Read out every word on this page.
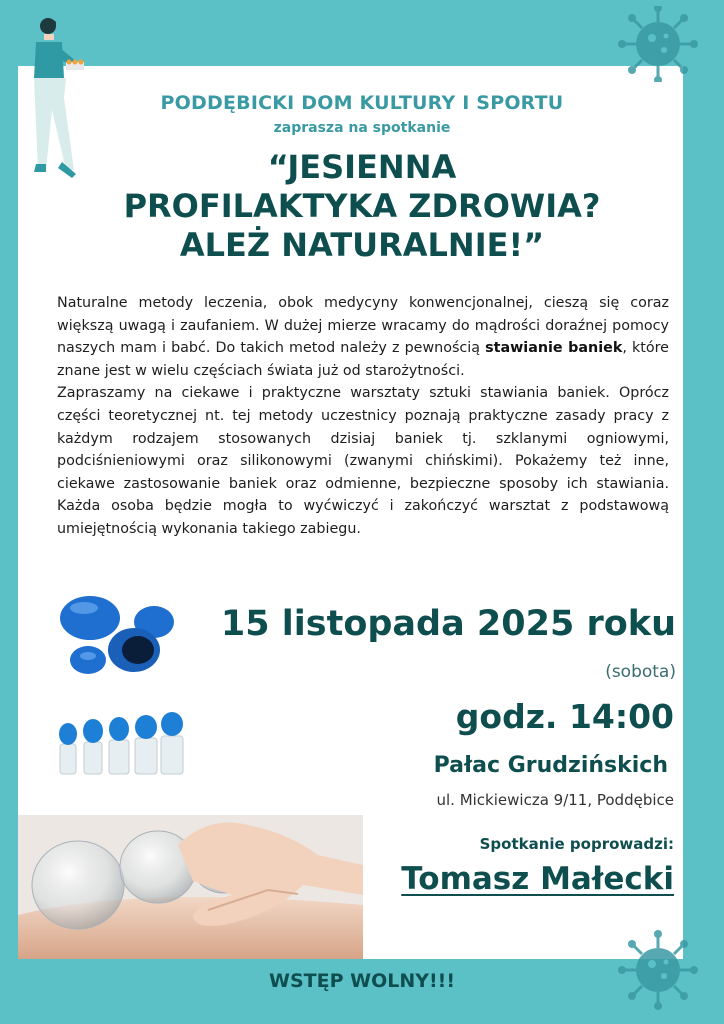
PODDĘBICKI DOM KULTURY I SPORTU
zaprasza na spotkanie
“JESIENNA
PROFILAKTYKA ZDROWIA?
ALEŻ NATURALNIE!”
Naturalne metody leczenia, obok medycyny konwencjonalnej, cieszą się coraz większą uwagą i zaufaniem. W dużej mierze wracamy do mądrości doraźnej pomocy naszych mam i babć. Do takich metod należy z pewnością stawianie baniek, które znane jest w wielu częściach świata już od starożytności.
Zapraszamy na ciekawe i praktyczne warsztaty sztuki stawiania baniek. Oprócz części teoretycznej nt. tej metody uczestnicy poznają praktyczne zasady pracy z każdym rodzajem stosowanych dzisiaj baniek tj. szklanymi ogniowymi, podciśnieniowymi oraz silikonowymi (zwanymi chińskimi). Pokażemy też inne, ciekawe zastosowanie baniek oraz odmienne, bezpieczne sposoby ich stawiania. Każda osoba będzie mogła to wyćwiczyć i zakończyć warsztat z podstawową umiejętnością wykonania takiego zabiegu.
15 listopada 2025 roku
(sobota)
godz. 14:00
Pałac Grudzińskich
ul. Mickiewicza 9/11, Poddębice
Spotkanie poprowadzi:
Tomasz Małecki
WSTĘP WOLNY!!!
